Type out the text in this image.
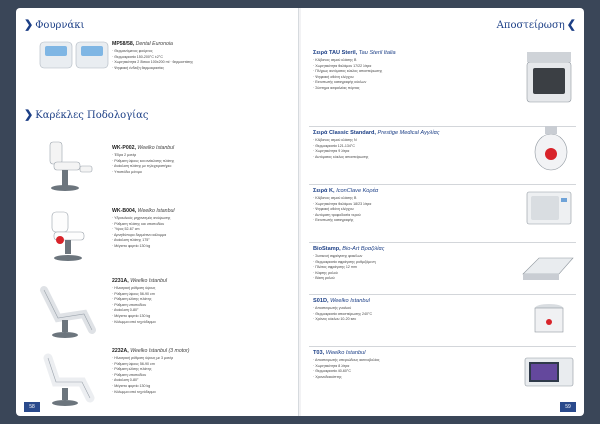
❯ Φουρνάκι
MP58/58, Dental Euronoia
· Θερμανόμενος φούρνος
· Θερμοκρασία 150-200°C ±2°C
· Χωρητικότητα 2 δίσκοι 100x200 ml · θερμοστάτης
· Ψηφιακή ένδειξη θερμοκρασίας
❯ Καρέκλες Ποδολογίας
WK-P002, Weelko Istanbul
· Έδρα 2 μοτέρ
· Ρύθμιση ύψους και ανάκλισης πλάτης
· Ανάκλιση πλάτης με τηλεχειριστήριο
· Υποπόδιο μόνιμο
WK-B004, Weelko Istanbul
· Υδραυλικός μηχανισμός ανύψωσης
· Ρύθμιση πλάτης και υποποδίου
· Ύψος 52-67 cm
· Αρνηθύπορο δερμάτινο κάλυμμα
· Ανάκλιση πλάτης 175°
· Μέγιστο φορτίο 130 kg
2231A, Weelko Istanbul
· Ηλεκτρική ρύθμιση ύψους
· Ρύθμιση ύψους 56-90 cm
· Ρύθμιση κλίσης πλάτης
· Ρύθμιση υποποδίου
· Ανάκλιση 0-80°
· Μέγιστο φορτίο 130 kg
· Κάλυμμα από τεχνόδερμα
2232A, Weelko Istanbul (3 motor)
· Ηλεκτρική ρύθμιση ύψους με 3 μοτέρ
· Ρύθμιση ύψους 56-90 cm
· Ρύθμιση κλίσης πλάτης
· Ρύθμιση υποποδίου
· Ανάκλιση 0-80°
· Μέγιστο φορτίο 130 kg
· Κάλυμμα από τεχνόδερμα
58
Αποστείρωση ❮
Σειρά TAU Steril, Tau Steril Italia
· Κλίβανος ατμού κλάσης B
· Χωρητικότητα θαλάμου 17/22 λίτρα
· Πλήρως αυτόματος κύκλος αποστείρωσης
· Ψηφιακή οθόνη ελέγχου
· Εκτυπωτής καταγραφής κύκλων
· Σύστημα ασφαλείας πόρτας
Σειρά Classic Standard, Prestige Medical Αγγλίας
· Κλίβανος ατμού κλάσης N
· Θερμοκρασία 121-134°C
· Χωρητικότητα 9 λίτρα
· Αυτόματος κύκλος αποστείρωσης
Σειρά K, IconClave Κορέα
· Κλίβανος ατμού κλάσης B
· Χωρητικότητα θαλάμου 18/23 λίτρα
· Ψηφιακή οθόνη ελέγχου
· Αυτόματη τροφοδοσία νερού
· Εκτυπωτής καταγραφής
BioStamp, Bio-Art Βραζιλίας
· Συσκευή σφράγισης φακέλων
· Θερμοκρασία σφράγισης ρυθμιζόμενη
· Πλάτος σφράγισης 12 mm
· Κόφτης ρολού
· Βάση ρολού
S01D, Weelko Istanbul
· Αποστειρωτής γυαλιού
· Θερμοκρασία αποστείρωσης 240°C
· Χρόνος κύκλου 10-20 sec
T03, Weelko Istanbul
· Αποστειρωτής υπεριώδους ακτινοβολίας
· Χωρητικότητα 8 λίτρα
· Θερμοκρασία 40-60°C
· Χρονοδιακόπτης
59
